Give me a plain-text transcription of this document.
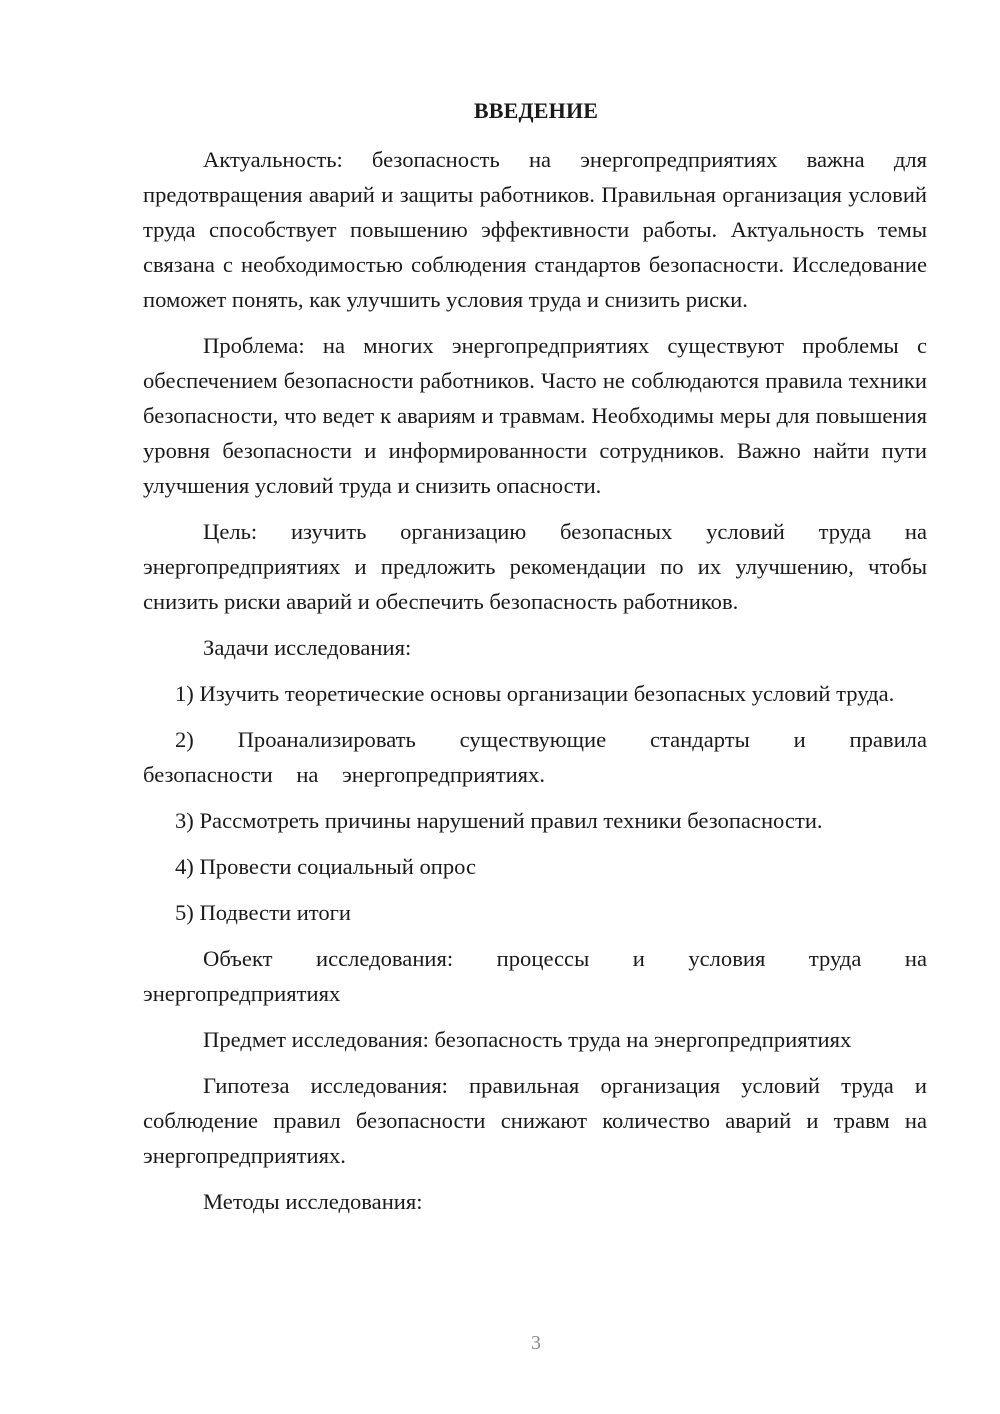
ВВЕДЕНИЕ

Актуальность: безопасность на энергопредприятиях важна для предотвращения аварий и защиты работников. Правильная организация условий труда способствует повышению эффективности работы. Актуальность темы связана с необходимостью соблюдения стандартов безопасности. Исследование поможет понять, как улучшить условия труда и снизить риски.

Проблема: на многих энергопредприятиях существуют проблемы с обеспечением безопасности работников. Часто не соблюдаются правила техники безопасности, что ведет к авариям и травмам. Необходимы меры для повышения уровня безопасности и информированности сотрудников. Важно найти пути улучшения условий труда и снизить опасности.

Цель: изучить организацию безопасных условий труда на энергопредприятиях и предложить рекомендации по их улучшению, чтобы снизить риски аварий и обеспечить безопасность работников.

Задачи исследования:

1) Изучить теоретические основы организации безопасных условий труда.

2) Проанализировать существующие стандарты и правила безопасности на энергопредприятиях.

3) Рассмотреть причины нарушений правил техники безопасности.

4) Провести социальный опрос

5) Подвести итоги

Объект исследования: процессы и условия труда на энергопредприятиях

Предмет исследования: безопасность труда на энергопредприятиях

Гипотеза исследования: правильная организация условий труда и соблюдение правил безопасности снижают количество аварий и травм на энергопредприятиях.

Методы исследования:

3
